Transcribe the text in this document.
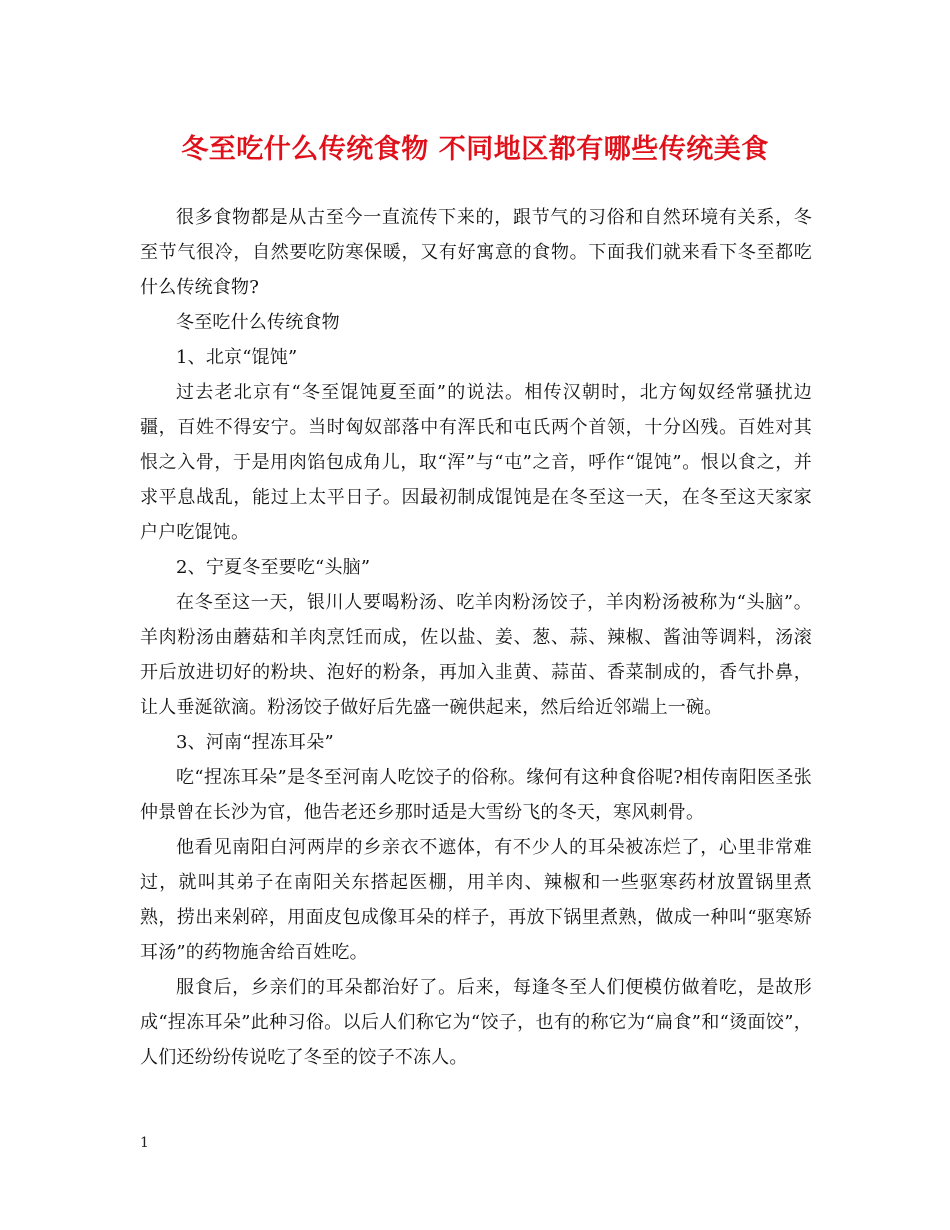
冬至吃什么传统食物 不同地区都有哪些传统美食

很多食物都是从古至今一直流传下来的，跟节气的习俗和自然环境有关系，冬至节气很冷，自然要吃防寒保暖，又有好寓意的食物。下面我们就来看下冬至都吃什么传统食物?

冬至吃什么传统食物

1、北京“馄饨”

过去老北京有“冬至馄饨夏至面”的说法。相传汉朝时，北方匈奴经常骚扰边疆，百姓不得安宁。当时匈奴部落中有浑氏和屯氏两个首领，十分凶残。百姓对其恨之入骨，于是用肉馅包成角儿，取“浑”与“屯”之音，呼作“馄饨”。恨以食之，并求平息战乱，能过上太平日子。因最初制成馄饨是在冬至这一天，在冬至这天家家户户吃馄饨。

2、宁夏冬至要吃“头脑”

在冬至这一天，银川人要喝粉汤、吃羊肉粉汤饺子，羊肉粉汤被称为“头脑”。羊肉粉汤由蘑菇和羊肉烹饪而成，佐以盐、姜、葱、蒜、辣椒、酱油等调料，汤滚开后放进切好的粉块、泡好的粉条，再加入韭黄、蒜苗、香菜制成的，香气扑鼻，让人垂涎欲滴。粉汤饺子做好后先盛一碗供起来，然后给近邻端上一碗。

3、河南“捏冻耳朵”

吃“捏冻耳朵”是冬至河南人吃饺子的俗称。缘何有这种食俗呢?相传南阳医圣张仲景曾在长沙为官，他告老还乡那时适是大雪纷飞的冬天，寒风刺骨。

他看见南阳白河两岸的乡亲衣不遮体，有不少人的耳朵被冻烂了，心里非常难过，就叫其弟子在南阳关东搭起医棚，用羊肉、辣椒和一些驱寒药材放置锅里煮熟，捞出来剁碎，用面皮包成像耳朵的样子，再放下锅里煮熟，做成一种叫“驱寒矫耳汤”的药物施舍给百姓吃。

服食后，乡亲们的耳朵都治好了。后来，每逢冬至人们便模仿做着吃，是故形成“捏冻耳朵”此种习俗。以后人们称它为“饺子，也有的称它为“扁食”和“烫面饺”，人们还纷纷传说吃了冬至的饺子不冻人。

1
